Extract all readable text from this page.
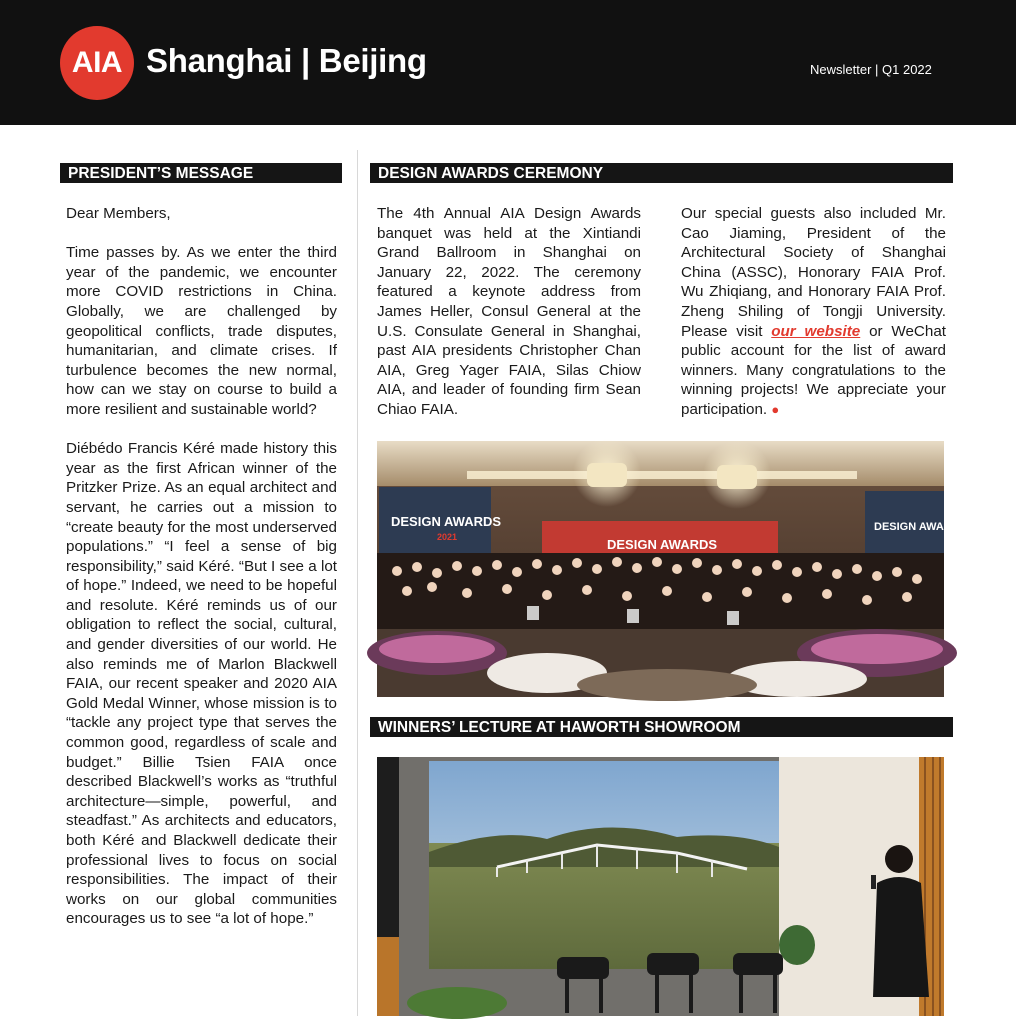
AIA Shanghai | Beijing	Newsletter | Q1 2022
PRESIDENT’S MESSAGE	DESIGN AWARDS CEREMONY
WINNERS’ LECTURE AT HAWORTH SHOWROOM

Dear Members,

Time passes by. As we enter the third year of the pandemic, we encounter more COVID restrictions in China. Globally, we are challenged by geopolitical conflicts, trade disputes, humanitarian, and climate crises. If turbulence becomes the new normal, how can we stay on course to build a more resilient and sustainable world?

Diébédo Francis Kéré made history this year as the first African winner of the Pritzker Prize. As an equal architect and servant, he carries out a mission to “create beauty for the most underserved populations.” “I feel a sense of big responsibility,” said Kéré. “But I see a lot of hope.” Indeed, we need to be hopeful and resolute. Kéré reminds us of our obligation to reflect the social, cultural, and gender diversities of our world. He also reminds me of Marlon Blackwell FAIA, our recent speaker and 2020 AIA Gold Medal Winner, whose mission is to “tackle any project type that serves the common good, regardless of scale and budget.” Billie Tsien FAIA once described Blackwell’s works as “truthful architecture—simple, powerful, and steadfast.” As architects and educators, both Kéré and Blackwell dedicate their professional lives to focus on social responsibilities. The impact of their works on our global communities encourages us to see “a lot of hope.”

The 4th Annual AIA Design Awards banquet was held at the Xintiandi Grand Ballroom in Shanghai on January 22, 2022. The ceremony featured a keynote address from James Heller, Consul General at the U.S. Consulate General in Shanghai, past AIA presidents Christopher Chan AIA, Greg Yager FAIA, Silas Chiow AIA, and leader of founding firm Sean Chiao FAIA.
Our special guests also included Mr. Cao Jiaming, President of the Architectural Society of Shanghai China (ASSC), Honorary FAIA Prof. Wu Zhiqiang, and Honorary FAIA Prof. Zheng Shiling of Tongji University. Please visit our website or WeChat public account for the list of award winners. Many congratulations to the winning projects! We appreciate your participation. ●
DESIGN AWARDS
2021	DESIGN AWARDS
DESIGN AWAR
